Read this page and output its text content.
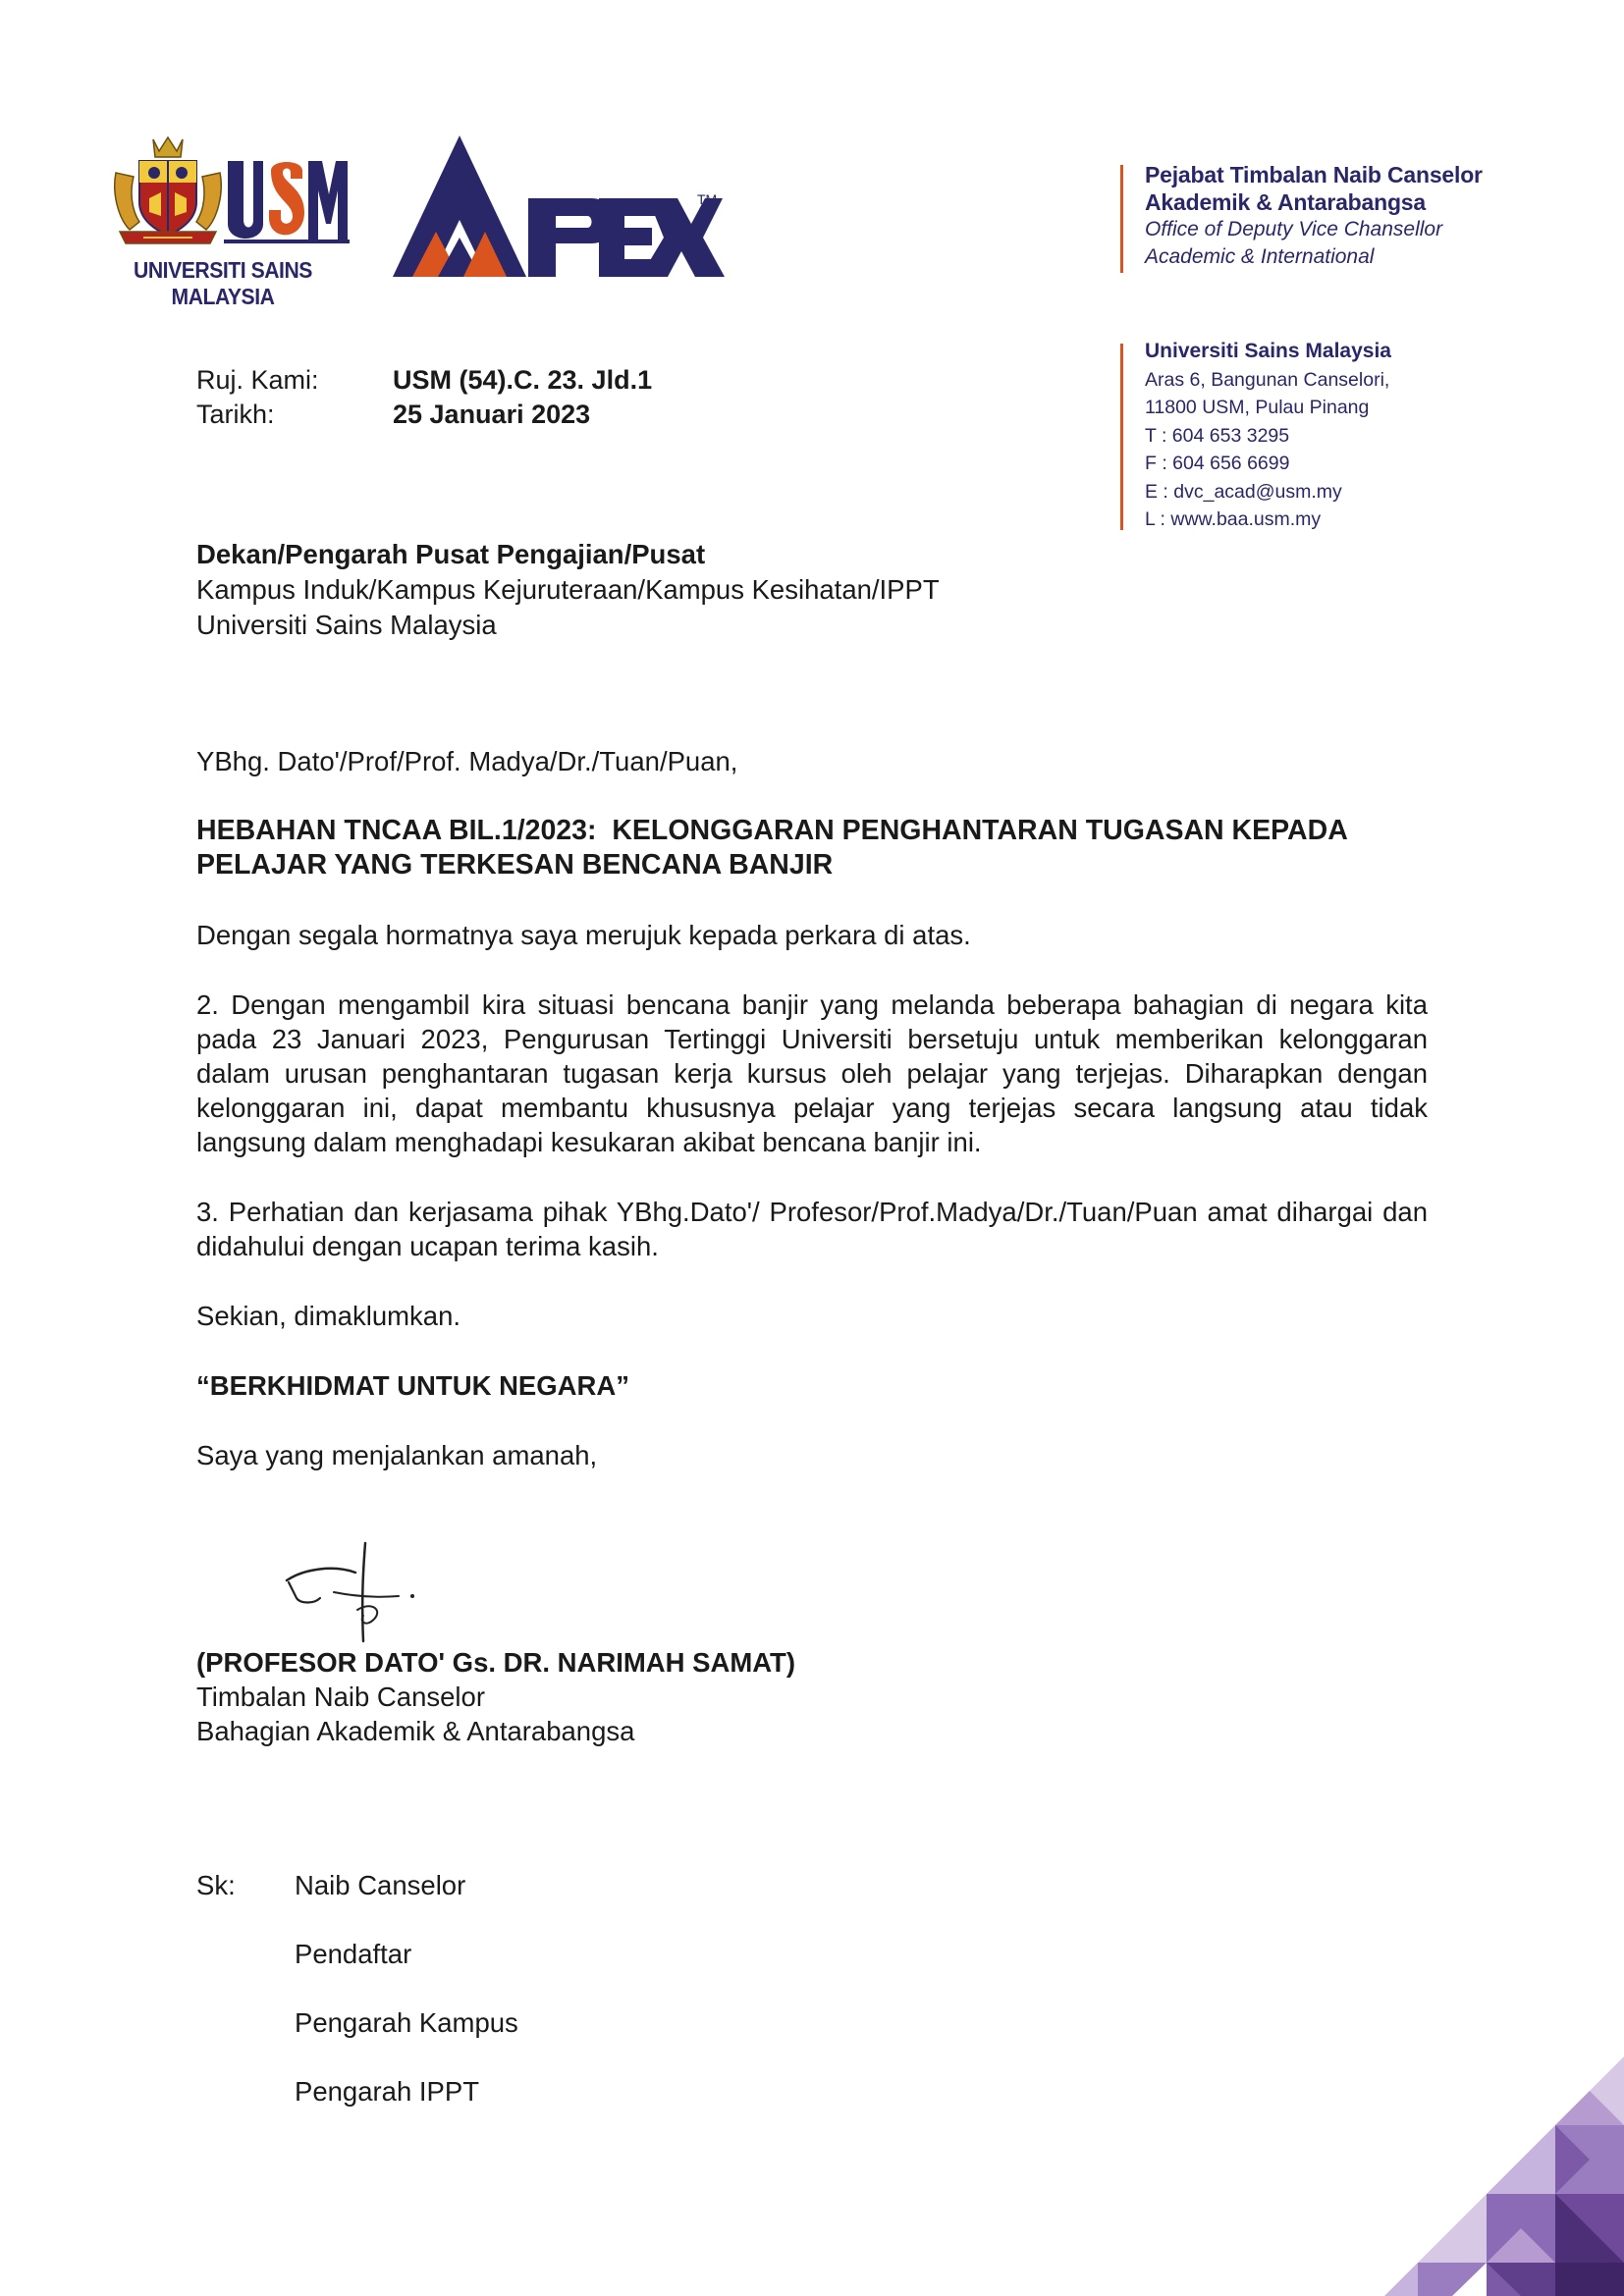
UNIVERSITI SAINS MALAYSIA
TM
Pejabat Timbalan Naib Canselor
Akademik & Antarabangsa
Office of Deputy Vice Chansellor
Academic & International
Universiti Sains Malaysia
Aras 6, Bangunan Canselori,
11800 USM, Pulau Pinang
T : 604 653 3295
F : 604 656 6699
E : dvc_acad@usm.my
L : www.baa.usm.my
Ruj. Kami:	USM (54).C. 23. Jld.1
Tarikh:	25 Januari 2023
Dekan/Pengarah Pusat Pengajian/Pusat
Kampus Induk/Kampus Kejuruteraan/Kampus Kesihatan/IPPT
Universiti Sains Malaysia

YBhg. Dato'/Prof/Prof. Madya/Dr./Tuan/Puan,

HEBAHAN TNCAA BIL.1/2023:  KELONGGARAN PENGHANTARAN TUGASAN KEPADA
PELAJAR YANG TERKESAN BENCANA BANJIR

Dengan segala hormatnya saya merujuk kepada perkara di atas.

2. Dengan mengambil kira situasi bencana banjir yang melanda beberapa bahagian di negara kita pada 23 Januari 2023, Pengurusan Tertinggi Universiti bersetuju untuk memberikan kelonggaran dalam urusan penghantaran tugasan kerja kursus oleh pelajar yang terjejas. Diharapkan dengan kelonggaran ini, dapat membantu khususnya pelajar yang terjejas secara langsung atau tidak langsung dalam menghadapi kesukaran akibat bencana banjir ini.

3. Perhatian dan kerjasama pihak YBhg.Dato'/ Profesor/Prof.Madya/Dr./Tuan/Puan amat dihargai dan didahului dengan ucapan terima kasih.

Sekian, dimaklumkan.

“BERKHIDMAT UNTUK NEGARA”

Saya yang menjalankan amanah,

(PROFESOR DATO' Gs. DR. NARIMAH SAMAT)
Timbalan Naib Canselor
Bahagian Akademik & Antarabangsa
Sk: Naib Canselor
Pendaftar
Pengarah Kampus
Pengarah IPPT
